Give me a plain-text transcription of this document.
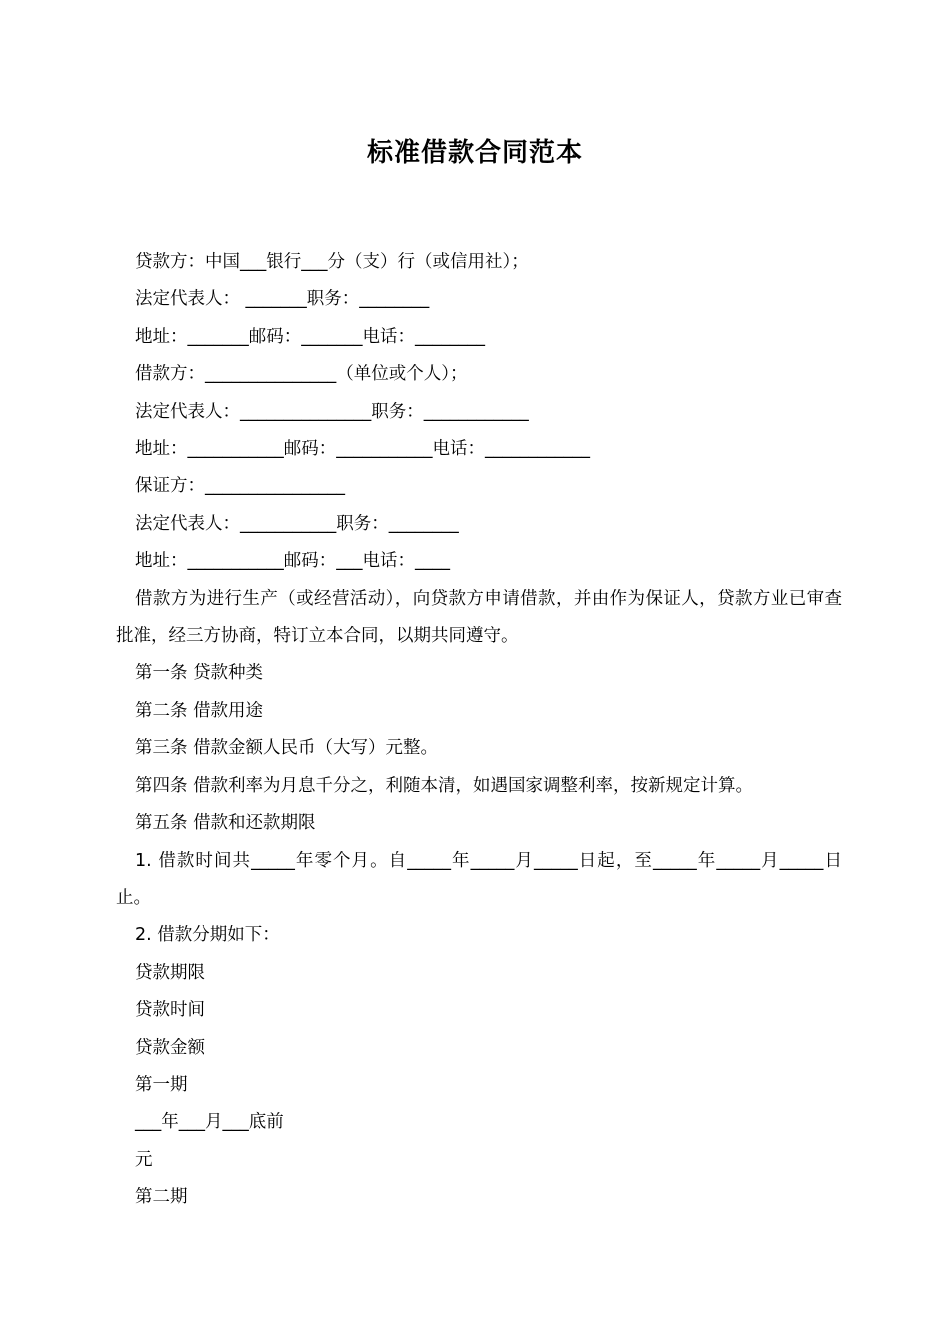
标准借款合同范本

贷款方：中国___银行___分（支）行（或信用社）；

法定代表人： _______职务：________

地址：_______邮码：_______电话：________

借款方：_______________（单位或个人）；

法定代表人：_______________职务：____________

地址：___________邮码：___________电话：____________

保证方：________________

法定代表人：___________职务：________

地址：___________邮码：___电话：____

借款方为进行生产（或经营活动），向贷款方申请借款，并由作为保证人，贷款方业已审查批准，经三方协商，特订立本合同，以期共同遵守。

第一条 贷款种类

第二条 借款用途

第三条 借款金额人民币（大写）元整。

第四条 借款利率为月息千分之，利随本清，如遇国家调整利率，按新规定计算。

第五条 借款和还款期限

1. 借款时间共_____年零个月。自_____年_____月_____日起，至_____年_____月_____日止。

2. 借款分期如下：

贷款期限

贷款时间

贷款金额

第一期

___年___月___底前

元

第二期
